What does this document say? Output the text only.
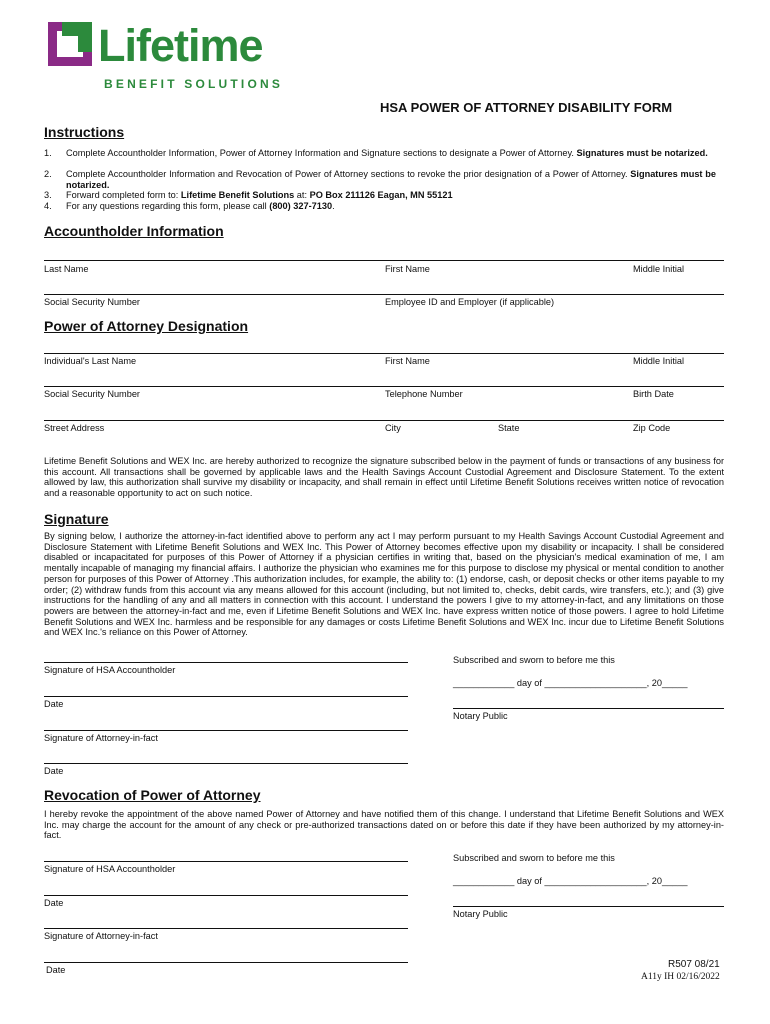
Lifetime
BENEFIT SOLUTIONS
HSA POWER OF ATTORNEY DISABILITY FORM
Instructions
1. Complete Accountholder Information, Power of Attorney Information and Signature sections to designate a Power of Attorney. Signatures must be notarized.
2. Complete Accountholder Information and Revocation of Power of Attorney sections to revoke the prior designation of a Power of Attorney. Signatures must be notarized.
3. Forward completed form to: Lifetime Benefit Solutions at: PO Box 211126 Eagan, MN 55121
4. For any questions regarding this form, please call (800) 327-7130.
Accountholder Information
Last Name	First Name	Middle Initial
Social Security Number	Employee ID and Employer (if applicable)
Power of Attorney Designation
Individual's Last Name	First Name	Middle Initial
Social Security Number	Telephone Number	Birth Date
Street Address	City	State	Zip Code
Lifetime Benefit Solutions and WEX Inc. are hereby authorized to recognize the signature subscribed below in the payment of funds or transactions of any business for this account. All transactions shall be governed by applicable laws and the Health Savings Account Custodial Agreement and Disclosure Statement. To the extent allowed by law, this authorization shall survive my disability or incapacity, and shall remain in effect until Lifetime Benefit Solutions receives written notice of revocation and a reasonable opportunity to act on such notice.
Signature
By signing below, I authorize the attorney-in-fact identified above to perform any act I may perform pursuant to my Health Savings Account Custodial Agreement and Disclosure Statement with Lifetime Benefit Solutions and WEX Inc. This Power of Attorney becomes effective upon my disability or incapacity. I shall be considered disabled or incapacitated for purposes of this Power of Attorney if a physician certifies in writing that, based on the physician's medical examination of me, I am mentally incapable of managing my financial affairs. I authorize the physician who examines me for this purpose to disclose my physical or mental condition to another person for purposes of this Power of Attorney .This authorization includes, for example, the ability to: (1) endorse, cash, or deposit checks or other items payable to my order; (2) withdraw funds from this account via any means allowed for this account (including, but not limited to, checks, debit cards, wire transfers, etc.); and (3) give instructions for the handling of any and all matters in connection with this account. I understand the powers I give to my attorney-in-fact, and any limitations on those powers are between the attorney-in-fact and me, even if Lifetime Benefit Solutions and WEX Inc. have express written notice of those powers. I agree to hold Lifetime Benefit Solutions and WEX Inc. harmless and be responsible for any damages or costs Lifetime Benefit Solutions and WEX Inc. incur due to Lifetime Benefit Solutions and WEX Inc.'s reliance on this Power of Attorney.
Signature of HSA Accountholder
Date
Signature of Attorney-in-fact
Date
Subscribed and sworn to before me this
____________ day of ____________________, 20_____
Notary Public
Revocation of Power of Attorney
I hereby revoke the appointment of the above named Power of Attorney and have notified them of this change. I understand that Lifetime Benefit Solutions and WEX Inc. may charge the account for the amount of any check or pre-authorized transactions dated on or before this date if they have been authorized by my attorney-in-fact.
Signature of HSA Accountholder
Date
Signature of Attorney-in-fact
Date
Subscribed and sworn to before me this
____________ day of ____________________, 20_____
Notary Public
R507 08/21
A11y IH 02/16/2022
